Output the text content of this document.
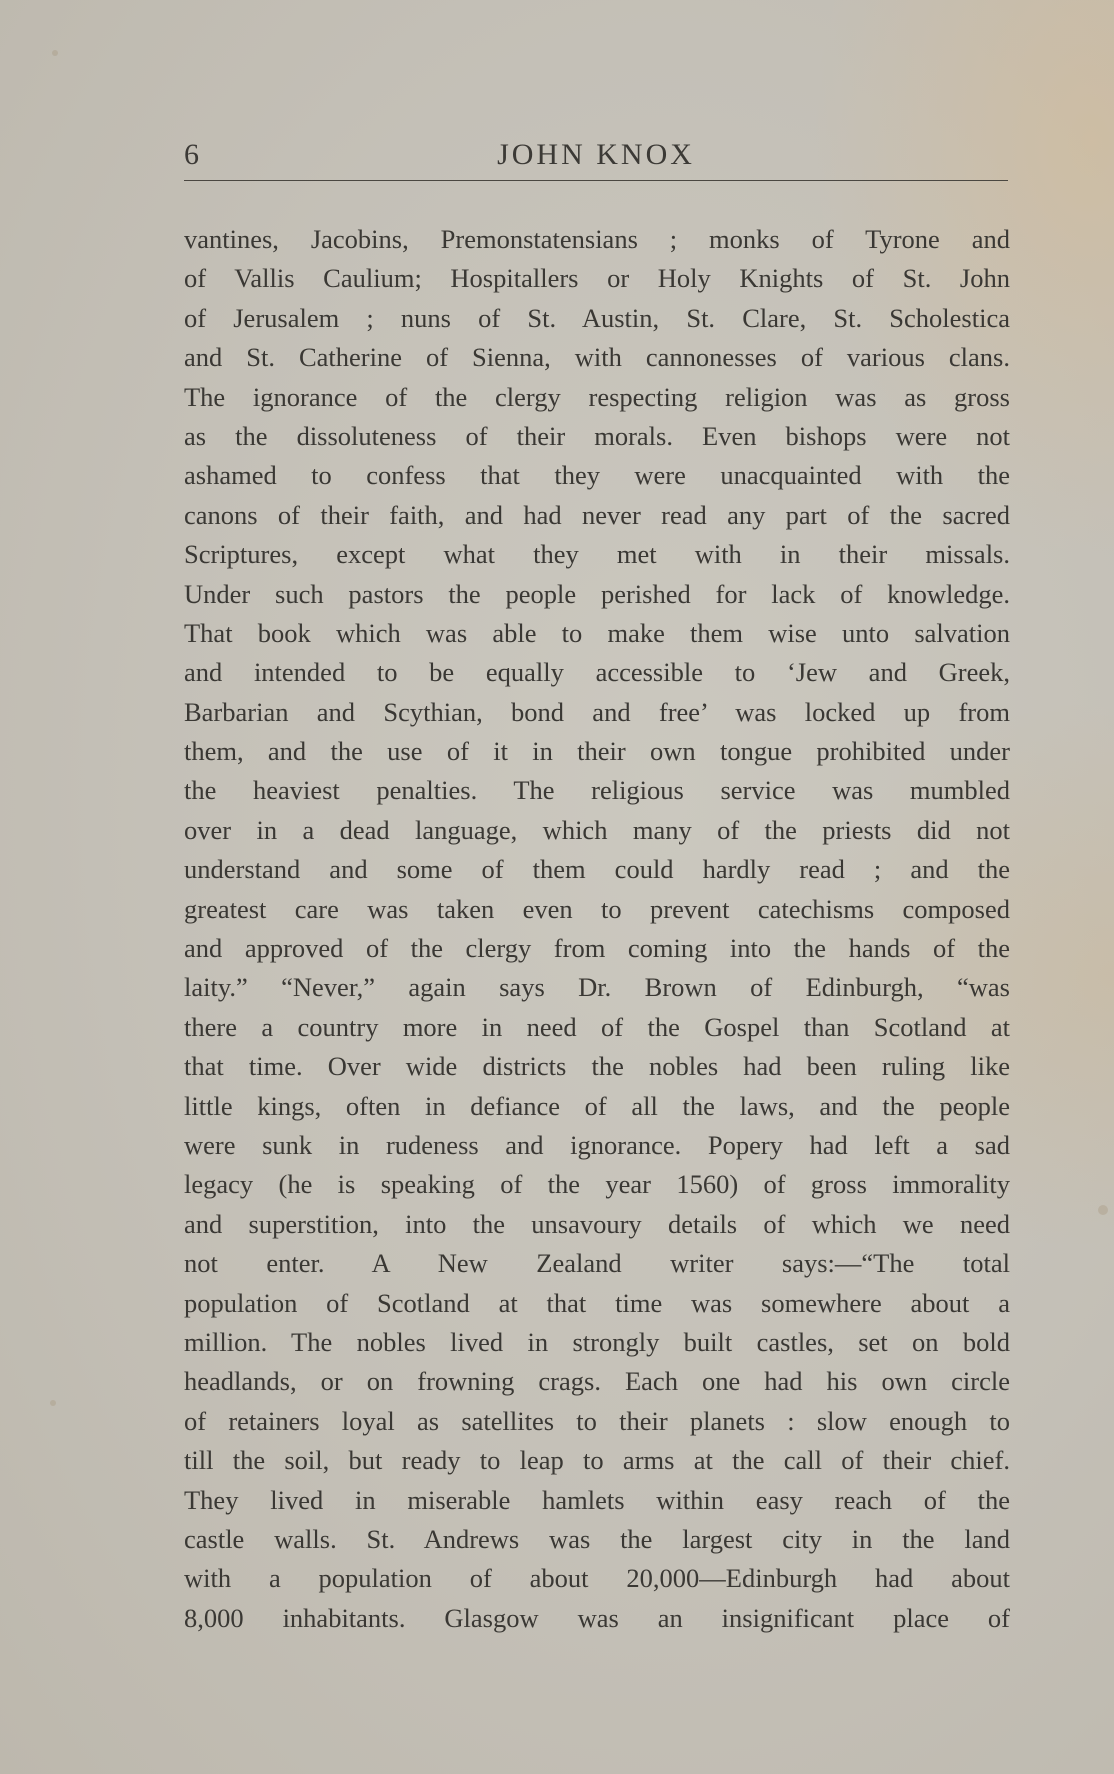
6	JOHN KNOX
vantines, Jacobins, Premonstatensians ; monks of Tyrone and
of Vallis Caulium; Hospitallers or Holy Knights of St. John
of Jerusalem ; nuns of St. Austin, St. Clare, St. Scholestica
and St. Catherine of Sienna, with cannonesses of various clans.
The ignorance of the clergy respecting religion was as gross
as the dissoluteness of their morals. Even bishops were not
ashamed to confess that they were unacquainted with the
canons of their faith, and had never read any part of the sacred
Scriptures, except what they met with in their missals.
Under such pastors the people perished for lack of knowledge.
That book which was able to make them wise unto salvation
and intended to be equally accessible to ‘Jew and Greek,
Barbarian and Scythian, bond and free’ was locked up from
them, and the use of it in their own tongue prohibited under
the heaviest penalties. The religious service was mumbled
over in a dead language, which many of the priests did not
understand and some of them could hardly read ; and the
greatest care was taken even to prevent catechisms composed
and approved of the clergy from coming into the hands of the
laity.” “Never,” again says Dr. Brown of Edinburgh, “was
there a country more in need of the Gospel than Scotland at
that time. Over wide districts the nobles had been ruling like
little kings, often in defiance of all the laws, and the people
were sunk in rudeness and ignorance. Popery had left a sad
legacy (he is speaking of the year 1560) of gross immorality
and superstition, into the unsavoury details of which we need
not enter. A New Zealand writer says:—“The total
population of Scotland at that time was somewhere about a
million. The nobles lived in strongly built castles, set on bold
headlands, or on frowning crags. Each one had his own circle
of retainers loyal as satellites to their planets : slow enough to
till the soil, but ready to leap to arms at the call of their chief.
They lived in miserable hamlets within easy reach of the
castle walls. St. Andrews was the largest city in the land
with a population of about 20,000—Edinburgh had about
8,000 inhabitants. Glasgow was an insignificant place of
